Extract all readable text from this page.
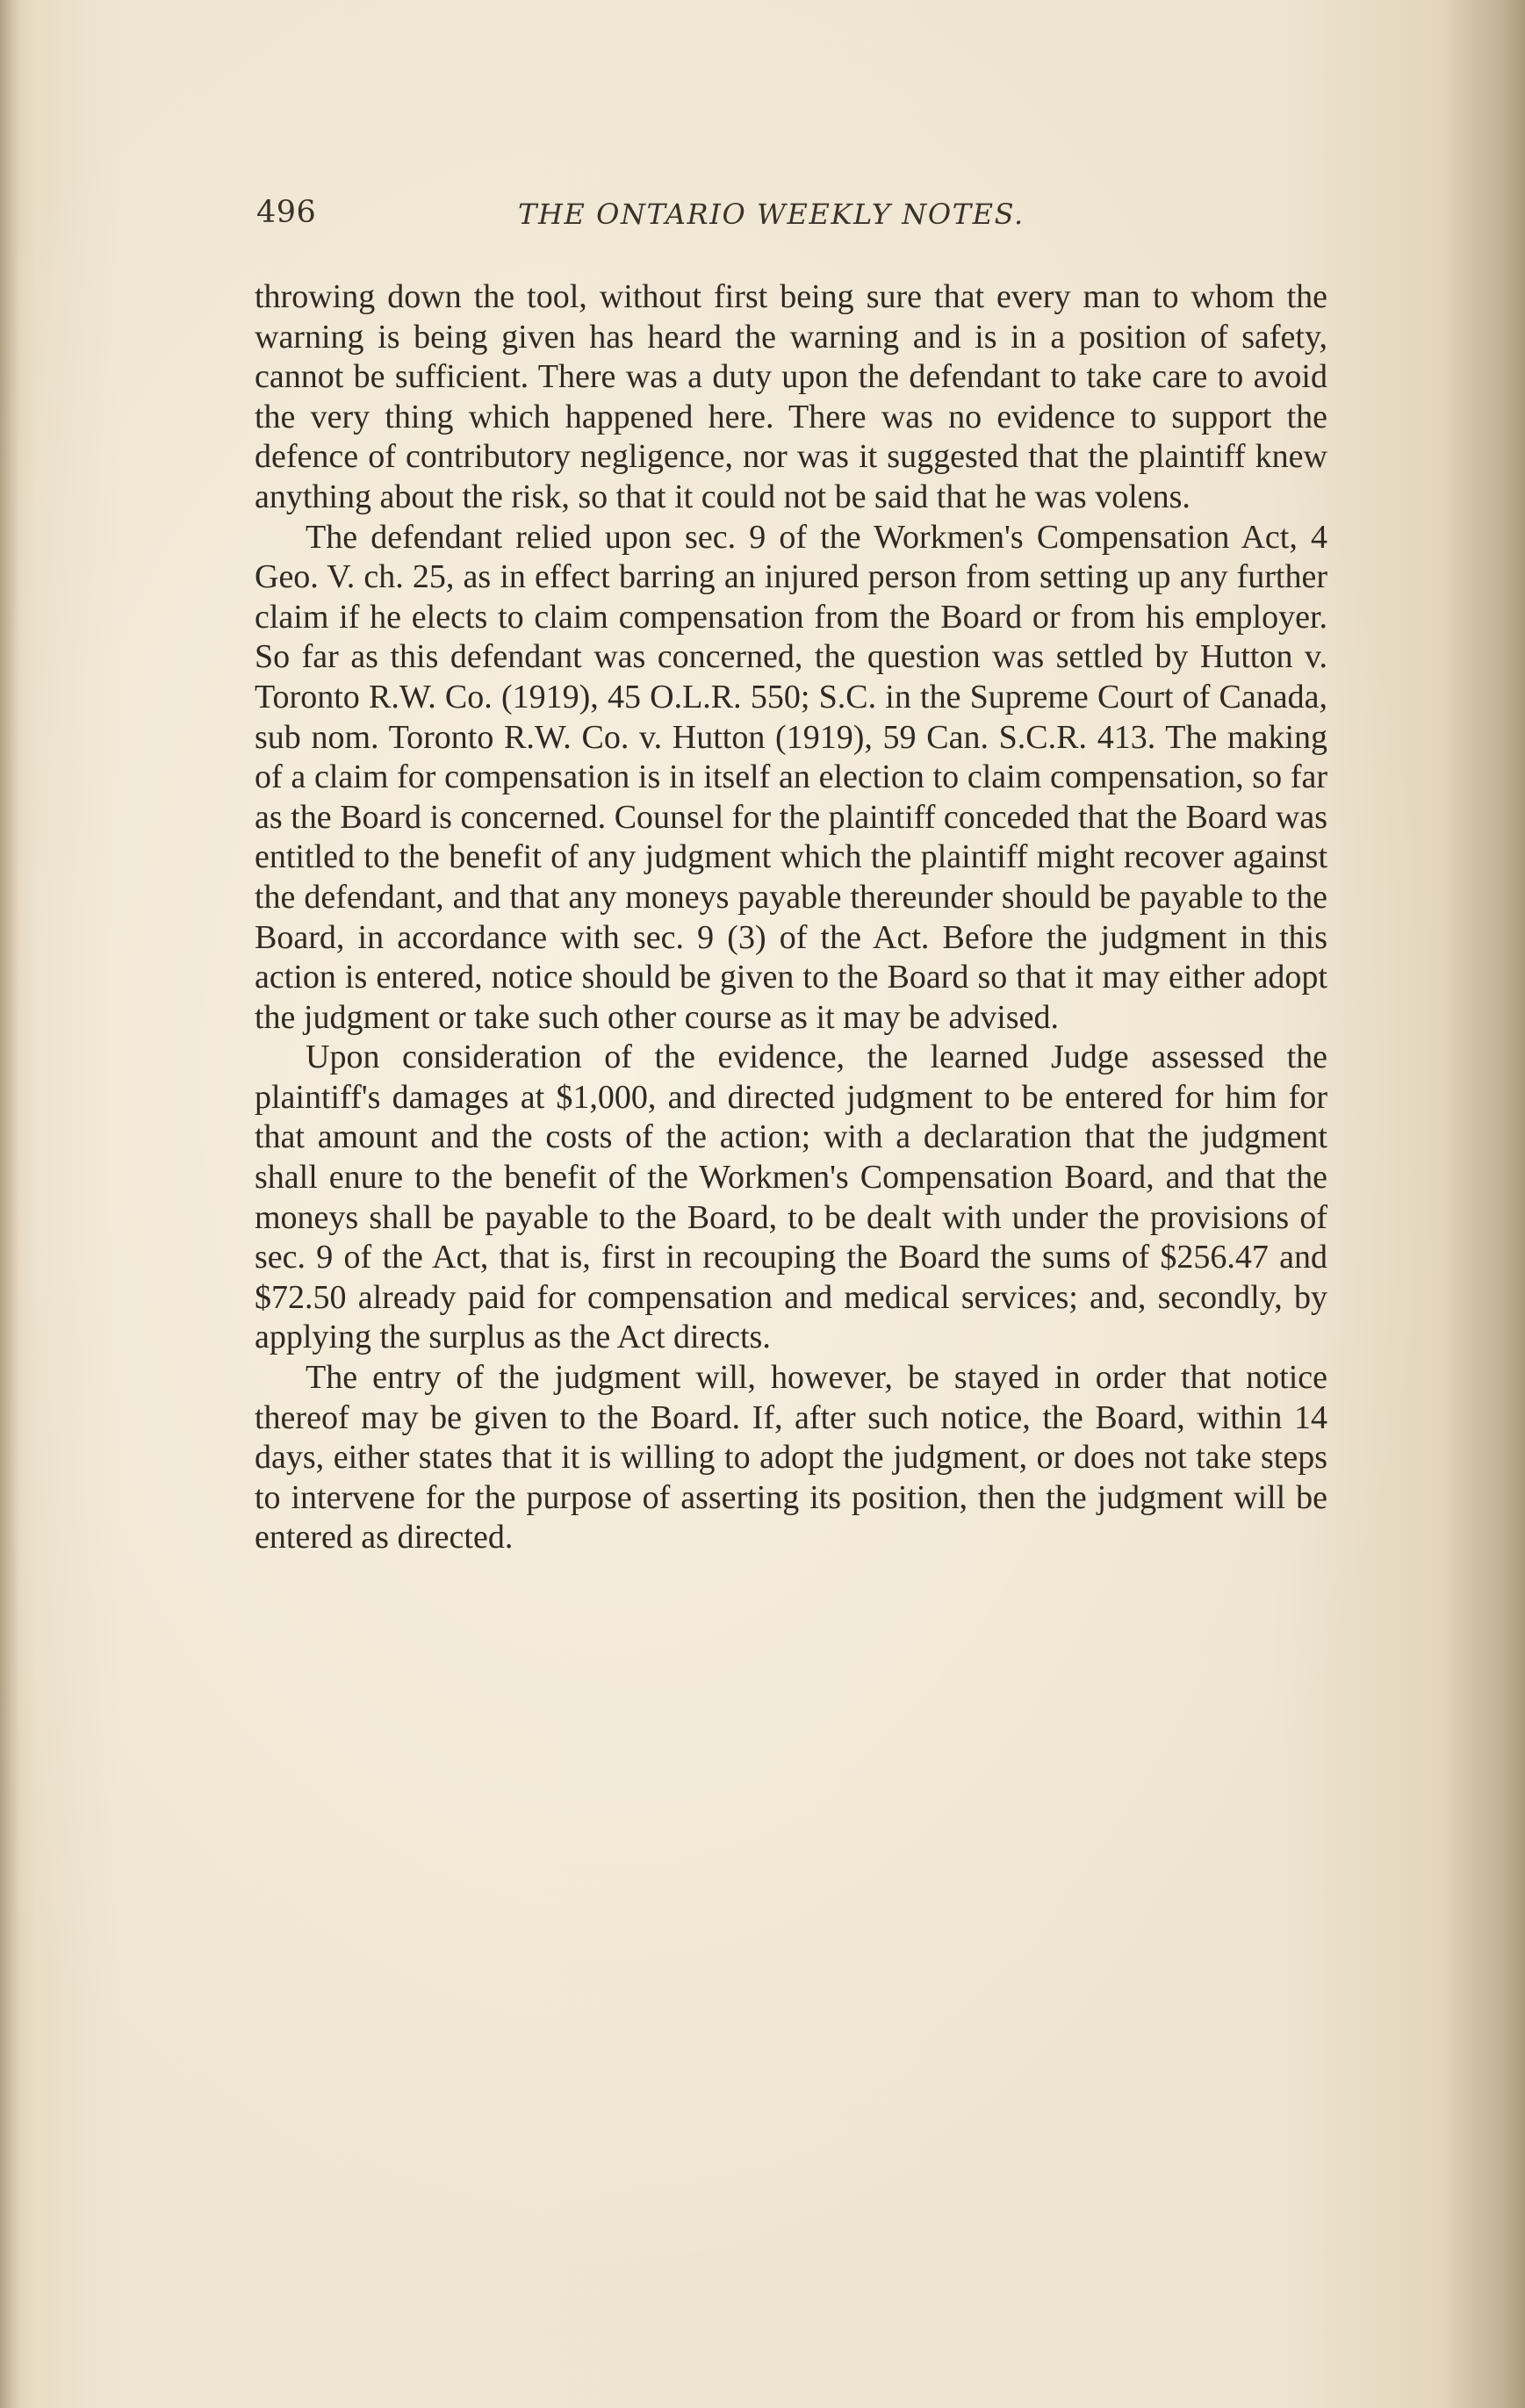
496	THE ONTARIO WEEKLY NOTES.

throwing down the tool, without first being sure that every man to whom the warning is being given has heard the warning and is in a position of safety, cannot be sufficient. There was a duty upon the defendant to take care to avoid the very thing which happened here. There was no evidence to support the defence of contributory negligence, nor was it suggested that the plaintiff knew anything about the risk, so that it could not be said that he was volens.

The defendant relied upon sec. 9 of the Workmen's Compensation Act, 4 Geo. V. ch. 25, as in effect barring an injured person from setting up any further claim if he elects to claim compensation from the Board or from his employer. So far as this defendant was concerned, the question was settled by Hutton v. Toronto R.W. Co. (1919), 45 O.L.R. 550; S.C. in the Supreme Court of Canada, sub nom. Toronto R.W. Co. v. Hutton (1919), 59 Can. S.C.R. 413. The making of a claim for compensation is in itself an election to claim compensation, so far as the Board is concerned. Counsel for the plaintiff conceded that the Board was entitled to the benefit of any judgment which the plaintiff might recover against the defendant, and that any moneys payable thereunder should be payable to the Board, in accordance with sec. 9 (3) of the Act. Before the judgment in this action is entered, notice should be given to the Board so that it may either adopt the judgment or take such other course as it may be advised.

Upon consideration of the evidence, the learned Judge assessed the plaintiff's damages at $1,000, and directed judgment to be entered for him for that amount and the costs of the action; with a declaration that the judgment shall enure to the benefit of the Workmen's Compensation Board, and that the moneys shall be payable to the Board, to be dealt with under the provisions of sec. 9 of the Act, that is, first in recouping the Board the sums of $256.47 and $72.50 already paid for compensation and medical services; and, secondly, by applying the surplus as the Act directs.

The entry of the judgment will, however, be stayed in order that notice thereof may be given to the Board. If, after such notice, the Board, within 14 days, either states that it is willing to adopt the judgment, or does not take steps to intervene for the purpose of asserting its position, then the judgment will be entered as directed.
